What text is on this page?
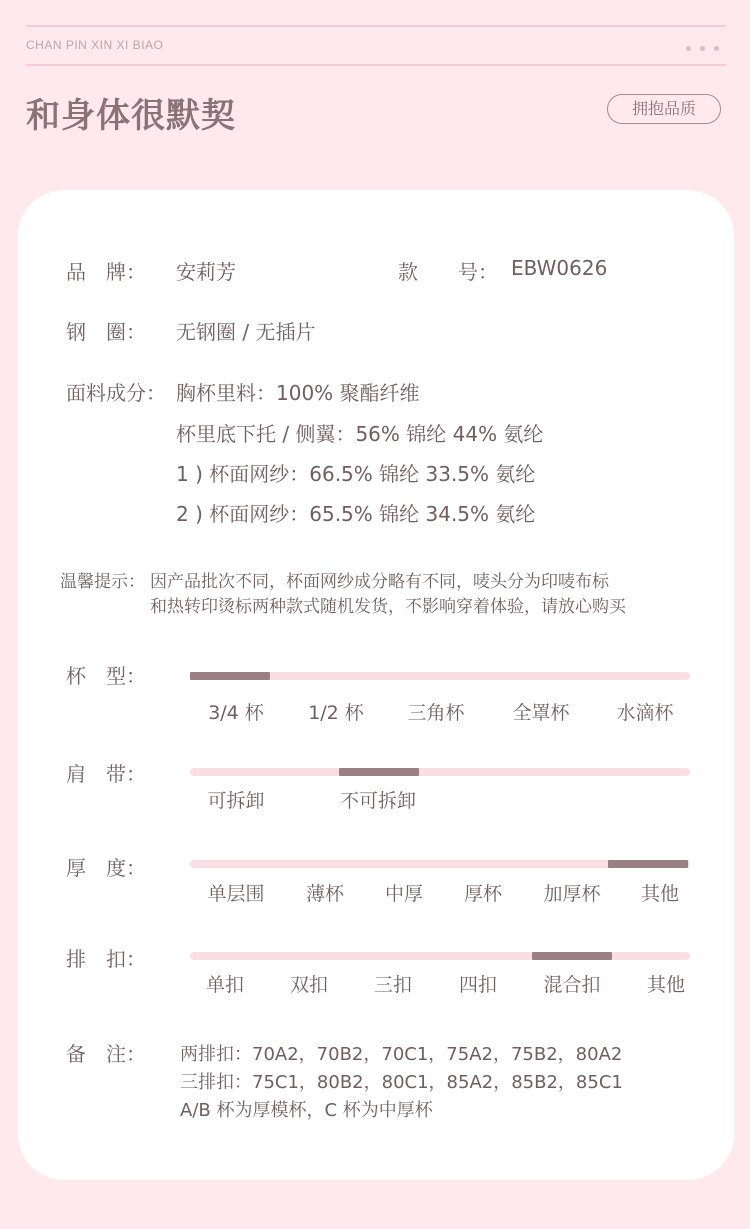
CHAN PIN XIN XI BIAO
和身体很默契	拥抱品质
品　牌： 安莉芳	款　　号： EBW0626
钢　圈： 无钢圈 / 无插片
面料成分： 胸杯里料：100% 聚酯纤维
杯里底下托 / 侧翼：56% 锦纶 44% 氨纶
1 ) 杯面网纱：66.5% 锦纶 33.5% 氨纶
2 ) 杯面网纱：65.5% 锦纶 34.5% 氨纶
温馨提示： 因产品批次不同，杯面网纱成分略有不同，唛头分为印唛布标
和热转印烫标两种款式随机发货，不影响穿着体验，请放心购买
杯　型：
3/4 杯 1/2 杯 三角杯	全罩杯 水滴杯
肩　带：
可拆卸	不可拆卸
厚　度：
单层围 薄杯 中厚 厚杯 加厚杯 其他
排　扣：
单扣 双扣 三扣 四扣 混合扣 其他
备　注： 两排扣：70A2，70B2，70C1，75A2，75B2，80A2
三排扣：75C1，80B2，80C1，85A2，85B2，85C1
A/B 杯为厚模杯，C 杯为中厚杯
